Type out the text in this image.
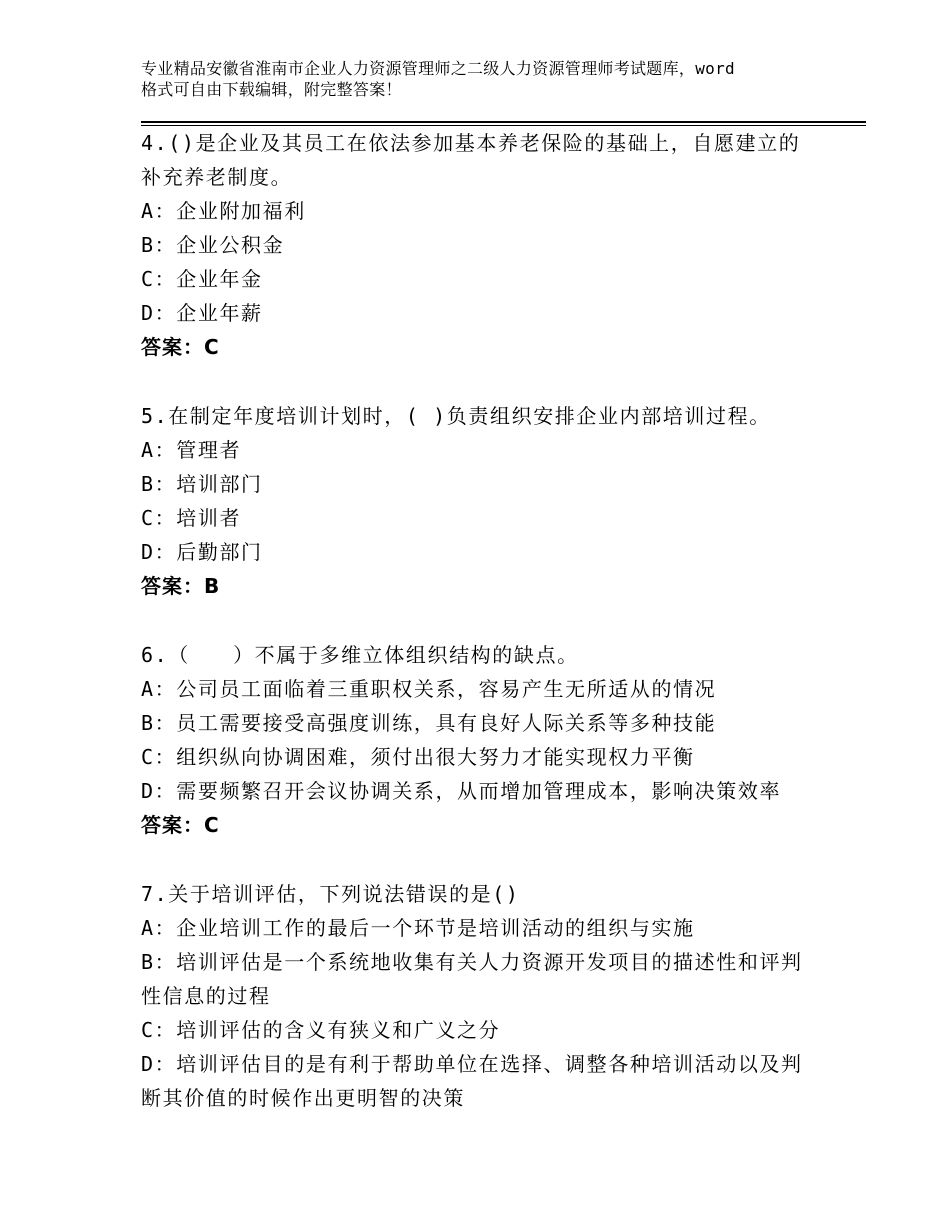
专业精品安徽省淮南市企业人力资源管理师之二级人力资源管理师考试题库，word
格式可自由下载编辑，附完整答案！
4.()是企业及其员工在依法参加基本养老保险的基础上，自愿建立的
补充养老制度。
A：企业附加福利
B：企业公积金
C：企业年金
D：企业年薪
答案：C
5.在制定年度培训计划时，( )负责组织安排企业内部培训过程。
A：管理者
B：培训部门
C：培训者
D：后勤部门
答案：B
6.（　　）不属于多维立体组织结构的缺点。
A：公司员工面临着三重职权关系，容易产生无所适从的情况
B：员工需要接受高强度训练，具有良好人际关系等多种技能
C：组织纵向协调困难，须付出很大努力才能实现权力平衡
D：需要频繁召开会议协调关系，从而增加管理成本，影响决策效率
答案：C
7.关于培训评估，下列说法错误的是()
A：企业培训工作的最后一个环节是培训活动的组织与实施
B：培训评估是一个系统地收集有关人力资源开发项目的描述性和评判
性信息的过程
C：培训评估的含义有狭义和广义之分
D：培训评估目的是有利于帮助单位在选择、调整各种培训活动以及判
断其价值的时候作出更明智的决策
